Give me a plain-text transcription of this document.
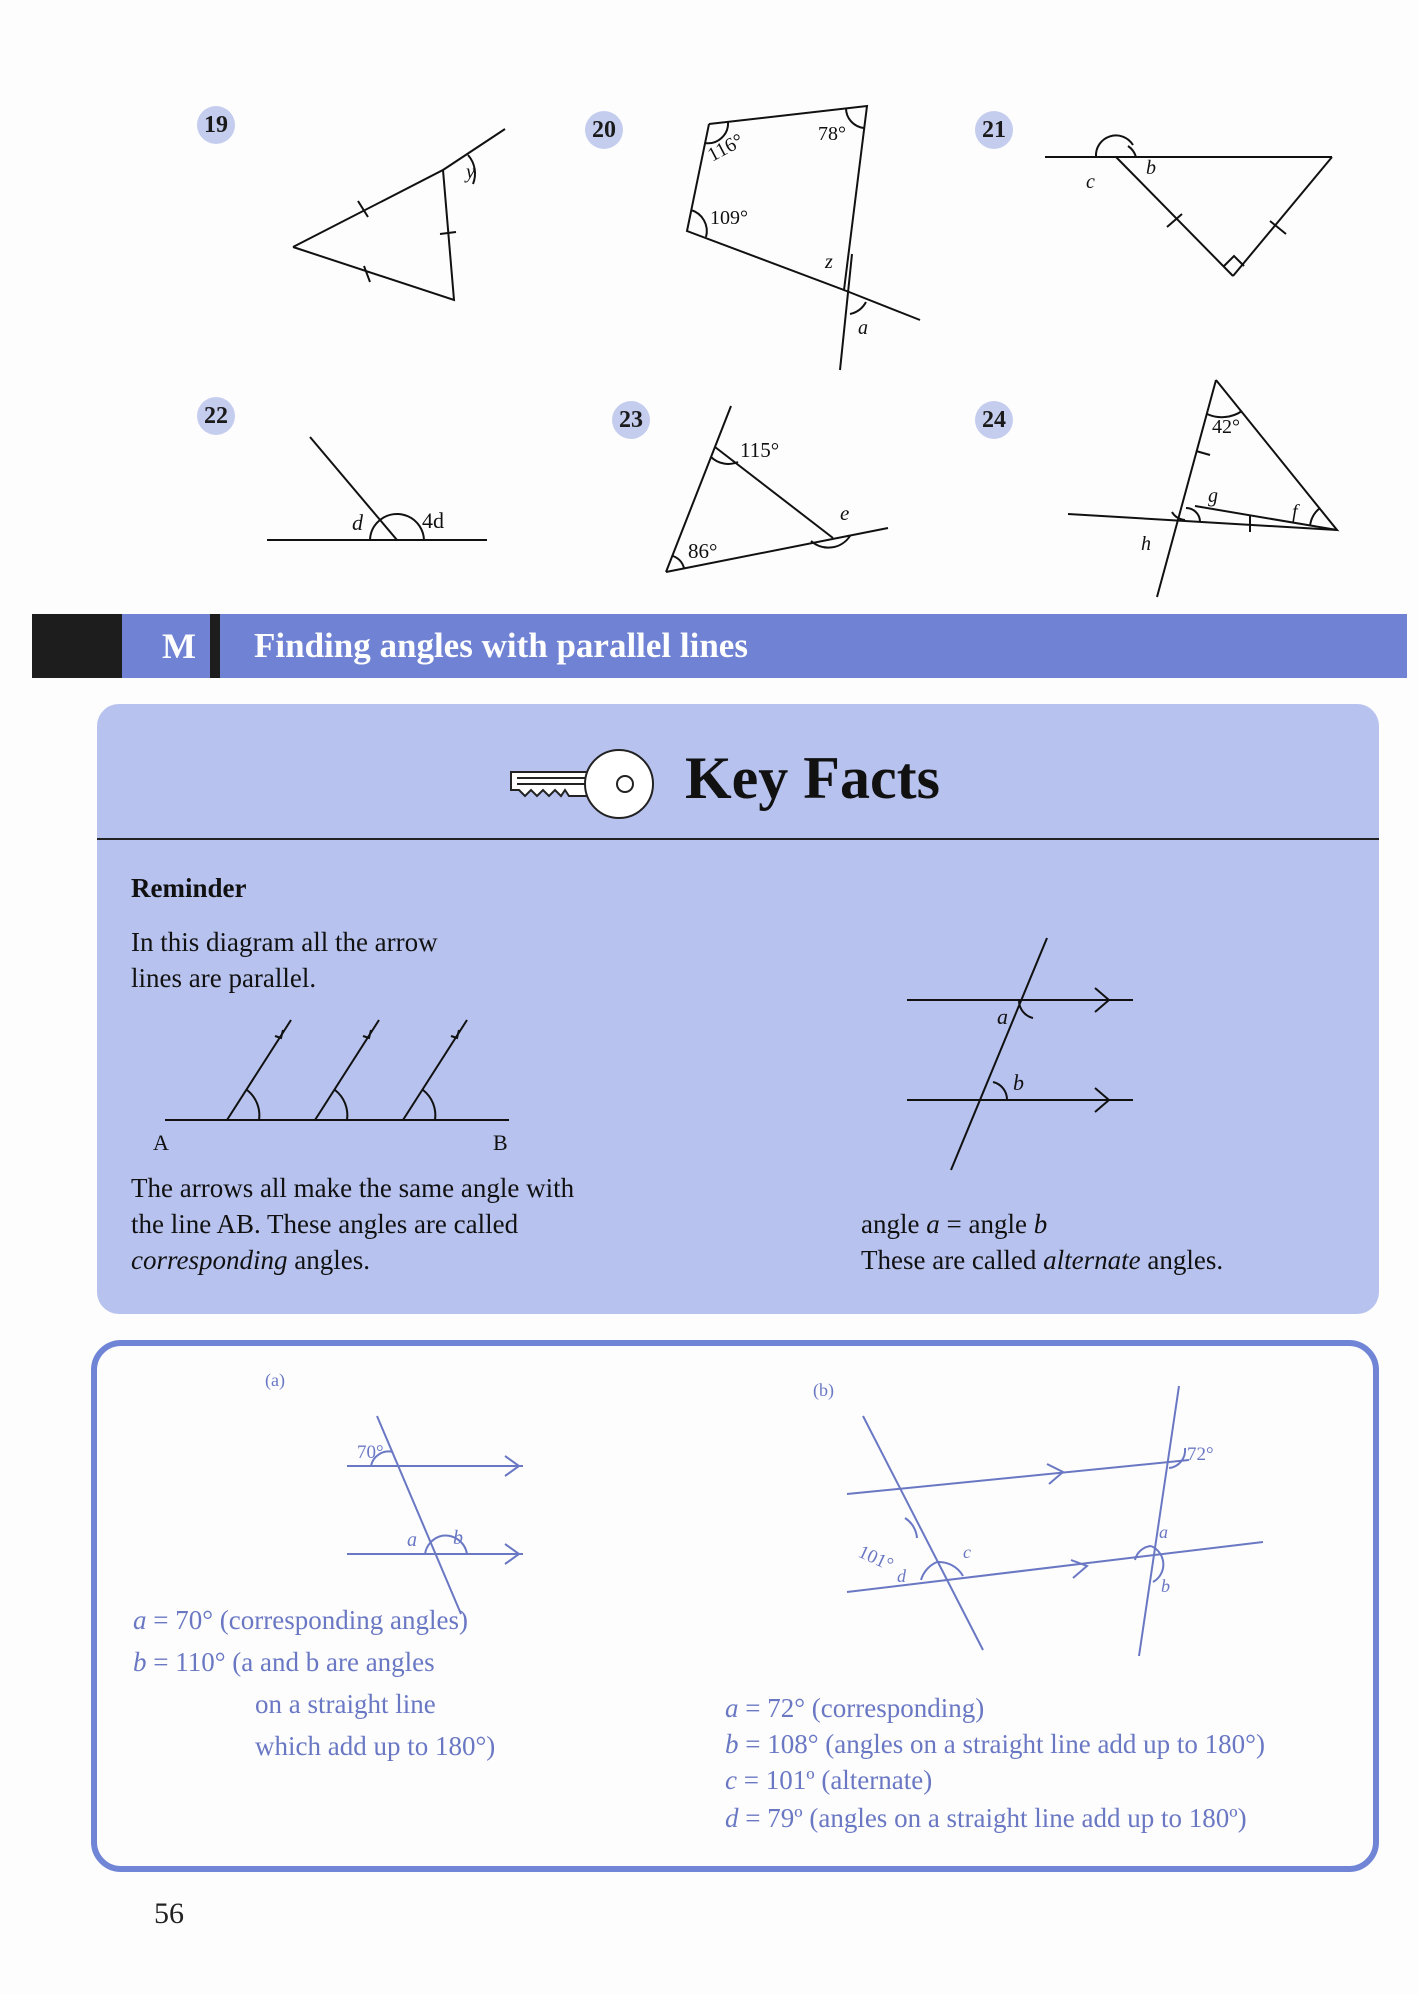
19	20	21
22	23	24
y
116°	78°
109°
z
a
c
b
d	4d
115°
86°
e
42°
g
h
f
M	Finding angles with parallel lines
Key Facts
Reminder
In this diagram all the arrow
lines are parallel.
A	B
The arrows all make the same angle with
the line AB. These angles are called
corresponding angles.
a
b
angle a = angle b
These are called alternate angles.
(a)
70°
a b
a = 70° (corresponding angles)
b = 110° (a and b are angles
on a straight line
which add up to 180°)
(b)
72°
101°
d
c
a
b
a = 72° (corresponding)
b = 108° (angles on a straight line add up to 180°)
c = 101º (alternate)
d = 79º (angles on a straight line add up to 180º)
56
